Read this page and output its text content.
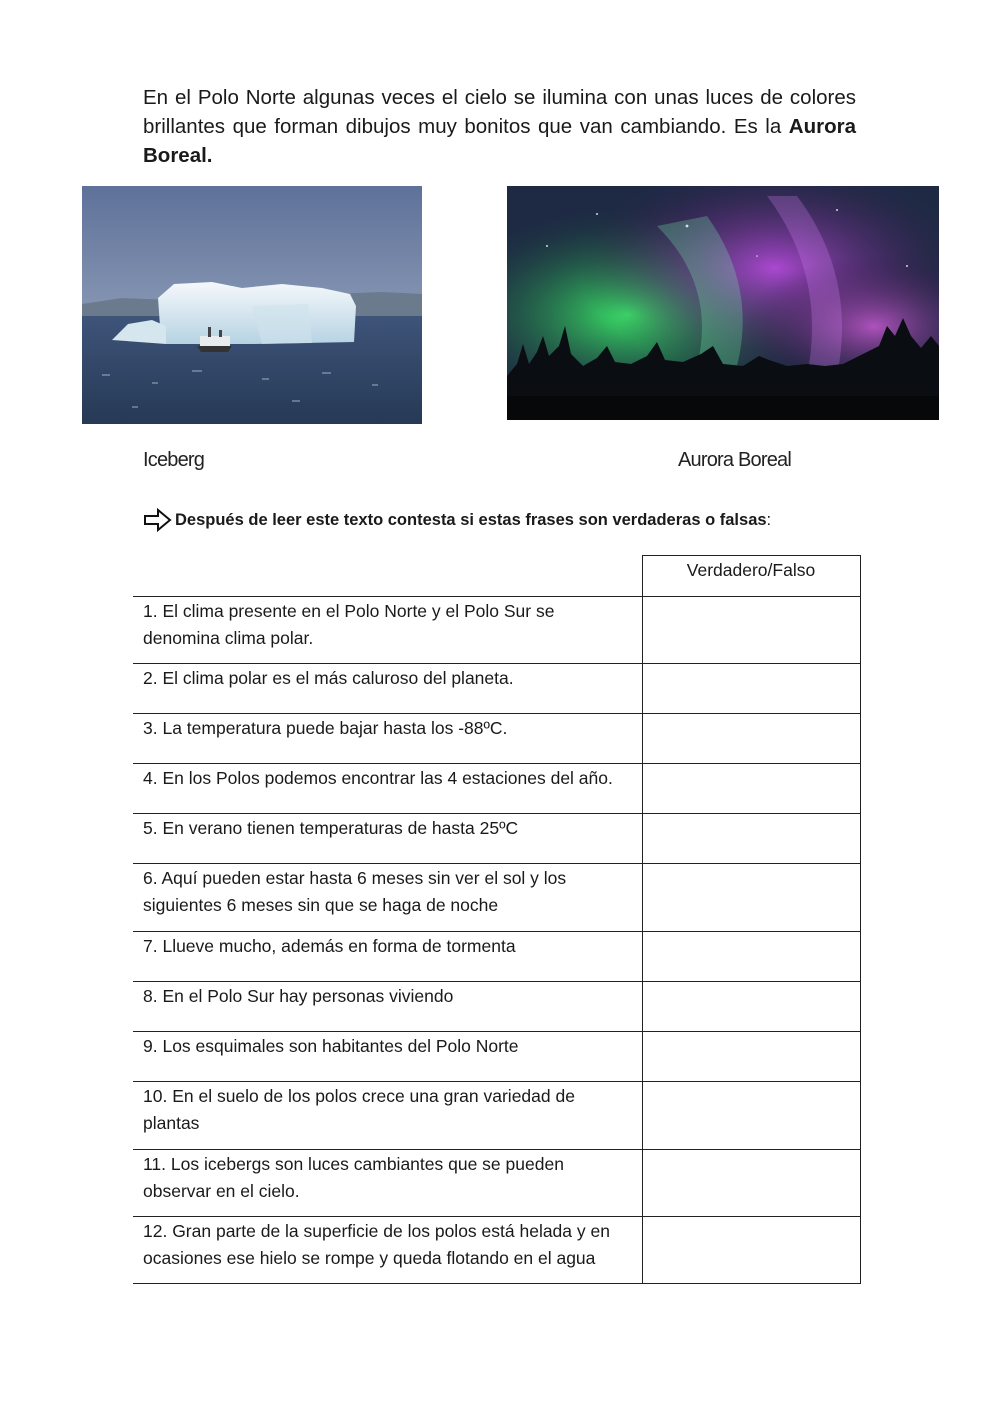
En el Polo Norte algunas veces el cielo se ilumina con unas luces de colores brillantes que forman dibujos muy bonitos que van cambiando. Es la Aurora Boreal.

Iceberg	Aurora Boreal
Después de leer este texto contesta si estas frases son verdaderas o falsas :
	Verdadero/Falso
1. El clima presente en el Polo Norte y el Polo Sur se denomina clima polar.	
2. El clima polar es el más caluroso del planeta.	
3. La temperatura puede bajar hasta los -88ºC.	
4. En los Polos podemos encontrar las 4 estaciones del año.	
5. En verano tienen temperaturas de hasta 25ºC	
6. Aquí pueden estar hasta 6 meses sin ver el sol y los siguientes 6 meses sin que se haga de noche	
7. Llueve mucho, además en forma de tormenta	
8. En el Polo Sur hay personas viviendo	
9. Los esquimales son habitantes del Polo Norte	
10. En el suelo de los polos crece una gran variedad de plantas	
11. Los icebergs son luces cambiantes que se pueden observar en el cielo.	
12. Gran parte de la superficie de los polos está helada y en ocasiones ese hielo se rompe y queda flotando en el agua	
